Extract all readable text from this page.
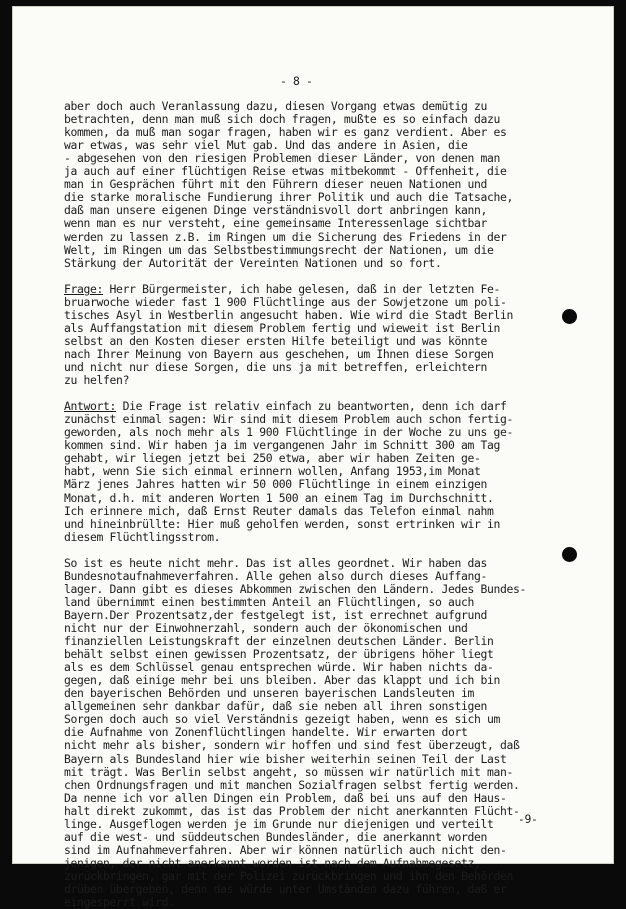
- 8 -
aber doch auch Veranlassung dazu, diesen Vorgang etwas demütig zu
betrachten, denn man muß sich doch fragen, mußte es so einfach dazu
kommen, da muß man sogar fragen, haben wir es ganz verdient. Aber es
war etwas, was sehr viel Mut gab. Und das andere in Asien, die
- abgesehen von den riesigen Problemen dieser Länder, von denen man
ja auch auf einer flüchtigen Reise etwas mitbekommt - Offenheit, die
man in Gesprächen führt mit den Führern dieser neuen Nationen und
die starke moralische Fundierung ihrer Politik und auch die Tatsache,
daß man unsere eigenen Dinge verständnisvoll dort anbringen kann,
wenn man es nur versteht, eine gemeinsame Interessenlage sichtbar
werden zu lassen z.B. im Ringen um die Sicherung des Friedens in der
Welt, im Ringen um das Selbstbestimmungsrecht der Nationen, um die
Stärkung der Autorität der Vereinten Nationen und so fort.
Frage: Herr Bürgermeister, ich habe gelesen, daß in der letzten Fe-
bruarwoche wieder fast 1 900 Flüchtlinge aus der Sowjetzone um poli-
tisches Asyl in Westberlin angesucht haben. Wie wird die Stadt Berlin
als Auffangstation mit diesem Problem fertig und wieweit ist Berlin
selbst an den Kosten dieser ersten Hilfe beteiligt und was könnte
nach Ihrer Meinung von Bayern aus geschehen, um Ihnen diese Sorgen
und nicht nur diese Sorgen, die uns ja mit betreffen, erleichtern
zu helfen?
Antwort: Die Frage ist relativ einfach zu beantworten, denn ich darf
zunächst einmal sagen: Wir sind mit diesem Problem auch schon fertig-
geworden, als noch mehr als 1 900 Flüchtlinge in der Woche zu uns ge-
kommen sind. Wir haben ja im vergangenen Jahr im Schnitt 300 am Tag
gehabt, wir liegen jetzt bei 250 etwa, aber wir haben Zeiten ge-
habt, wenn Sie sich einmal erinnern wollen, Anfang 1953,im Monat
März jenes Jahres hatten wir 50 000 Flüchtlinge in einem einzigen
Monat, d.h. mit anderen Worten 1 500 an einem Tag im Durchschnitt.
Ich erinnere mich, daß Ernst Reuter damals das Telefon einmal nahm
und hineinbrüllte: Hier muß geholfen werden, sonst ertrinken wir in
diesem Flüchtlingsstrom.
So ist es heute nicht mehr. Das ist alles geordnet. Wir haben das
Bundesnotaufnahmeverfahren. Alle gehen also durch dieses Auffang-
lager. Dann gibt es dieses Abkommen zwischen den Ländern. Jedes Bundes-
land übernimmt einen bestimmten Anteil an Flüchtlingen, so auch
Bayern.Der Prozentsatz,der festgelegt ist, ist errechnet aufgrund
nicht nur der Einwohnerzahl, sondern auch der ökonomischen und
finanziellen Leistungskraft der einzelnen deutschen Länder. Berlin
behält selbst einen gewissen Prozentsatz, der übrigens höher liegt
als es dem Schlüssel genau entsprechen würde. Wir haben nichts da-
gegen, daß einige mehr bei uns bleiben. Aber das klappt und ich bin
den bayerischen Behörden und unseren bayerischen Landsleuten im
allgemeinen sehr dankbar dafür, daß sie neben all ihren sonstigen
Sorgen doch auch so viel Verständnis gezeigt haben, wenn es sich um
die Aufnahme von Zonenflüchtlingen handelte. Wir erwarten dort
nicht mehr als bisher, sondern wir hoffen und sind fest überzeugt, daß
Bayern als Bundesland hier wie bisher weiterhin seinen Teil der Last
mit trägt. Was Berlin selbst angeht, so müssen wir natürlich mit man-
chen Ordnungsfragen und mit manchen Sozialfragen selbst fertig werden.
Da nenne ich vor allen Dingen ein Problem, daß bei uns auf den Haus-
halt direkt zukommt, das ist das Problem der nicht anerkannten Flücht-
linge. Ausgeflogen werden je im Grunde nur diejenigen und verteilt
auf die west- und süddeutschen Bundesländer, die anerkannt worden
sind im Aufnahmeverfahren. Aber wir können natürlich auch nicht den-
jenigen, der nicht anerkannt worden ist nach dem Aufnahmegesetz,
zurückbringen, gar mit der Polizei zurückbringen und ihn den Behörden
drüben übergeben, denn das würde unter Umständen dazu führen, daß er
eingesperrt wird.
-9-
